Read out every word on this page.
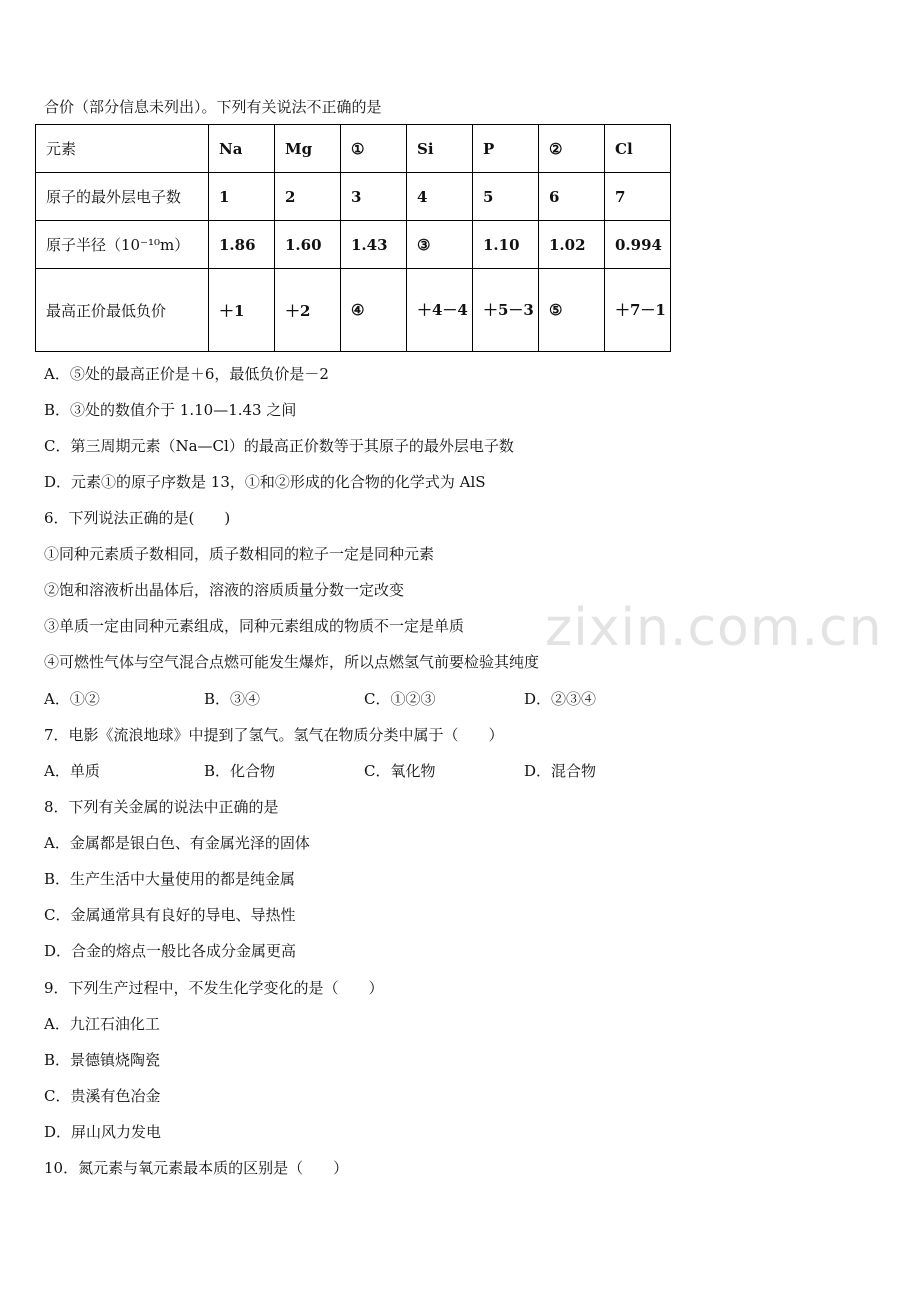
zixin.com.cn
合价（部分信息未列出）。下列有关说法不正确的是
元素	Na	Mg	①	Si	P	②	Cl
原子的最外层电子数	1	2	3	4	5	6	7
原子半径（10⁻¹⁰m）	1.86	1.60	1.43	③	1.10	1.02	0.994
最高正价最低负价	＋1	＋2	④	＋4－4	＋5－3	⑤	＋7－1
A．⑤处的最高正价是＋6，最低负价是－2
B．③处的数值介于 1.10—1.43 之间
C．第三周期元素（Na—Cl）的最高正价数等于其原子的最外层电子数
D．元素①的原子序数是 13，①和②形成的化合物的化学式为 AlS
6．下列说法正确的是(　　)
①同种元素质子数相同，质子数相同的粒子一定是同种元素
②饱和溶液析出晶体后，溶液的溶质质量分数一定改变
③单质一定由同种元素组成，同种元素组成的物质不一定是单质
④可燃性气体与空气混合点燃可能发生爆炸，所以点燃氢气前要检验其纯度
A．①②	B．③④	C．①②③	D．②③④
7．电影《流浪地球》中提到了氢气。氢气在物质分类中属于（　　）
A．单质	B．化合物	C．氧化物	D．混合物
8．下列有关金属的说法中正确的是
A．金属都是银白色、有金属光泽的固体
B．生产生活中大量使用的都是纯金属
C．金属通常具有良好的导电、导热性
D．合金的熔点一般比各成分金属更高
9．下列生产过程中，不发生化学变化的是（　　）
A．九江石油化工
B．景德镇烧陶瓷
C．贵溪有色冶金
D．屏山风力发电
10．氮元素与氧元素最本质的区别是（　　）
